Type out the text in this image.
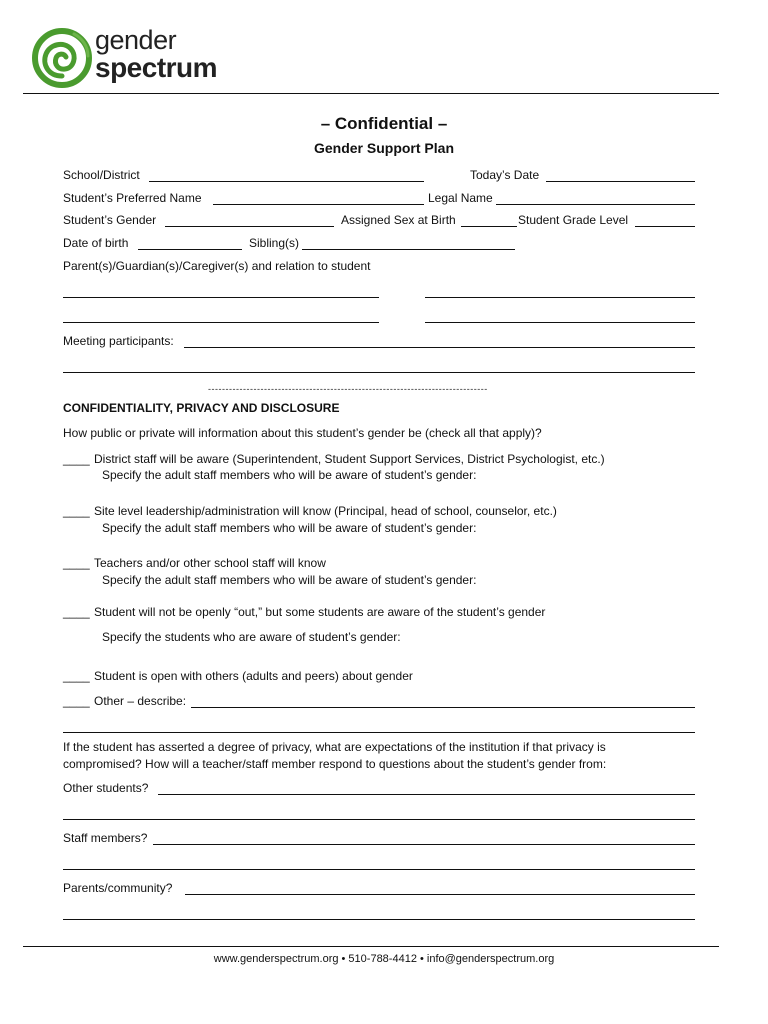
gender
spectrum
– Confidential –
Gender Support Plan
School/District	Today’s Date
Student’s Preferred Name	Legal Name
Student’s Gender	Assigned Sex at Birth	Student Grade Level
Date of birth	Sibling(s)
Parent(s)/Guardian(s)/Caregiver(s) and relation to student
Meeting participants:
--------------------------------------------------------------------------------
CONFIDENTIALITY, PRIVACY AND DISCLOSURE
How public or private will information about this student’s gender be (check all that apply)?
____ District staff will be aware (Superintendent, Student Support Services, District Psychologist, etc.)
Specify the adult staff members who will be aware of student’s gender:
____ Site level leadership/administration will know (Principal, head of school, counselor, etc.)
Specify the adult staff members who will be aware of student’s gender:
____ Teachers and/or other school staff will know
Specify the adult staff members who will be aware of student’s gender:
____ Student will not be openly “out,” but some students are aware of the student’s gender
Specify the students who are aware of student’s gender:
____ Student is open with others (adults and peers) about gender
____ Other – describe:
If the student has asserted a degree of privacy, what are expectations of the institution if that privacy is
compromised? How will a teacher/staff member respond to questions about the student’s gender from:
Other students?
Staff members?
Parents/community?
www.genderspectrum.org • 510-788-4412 • info@genderspectrum.org
